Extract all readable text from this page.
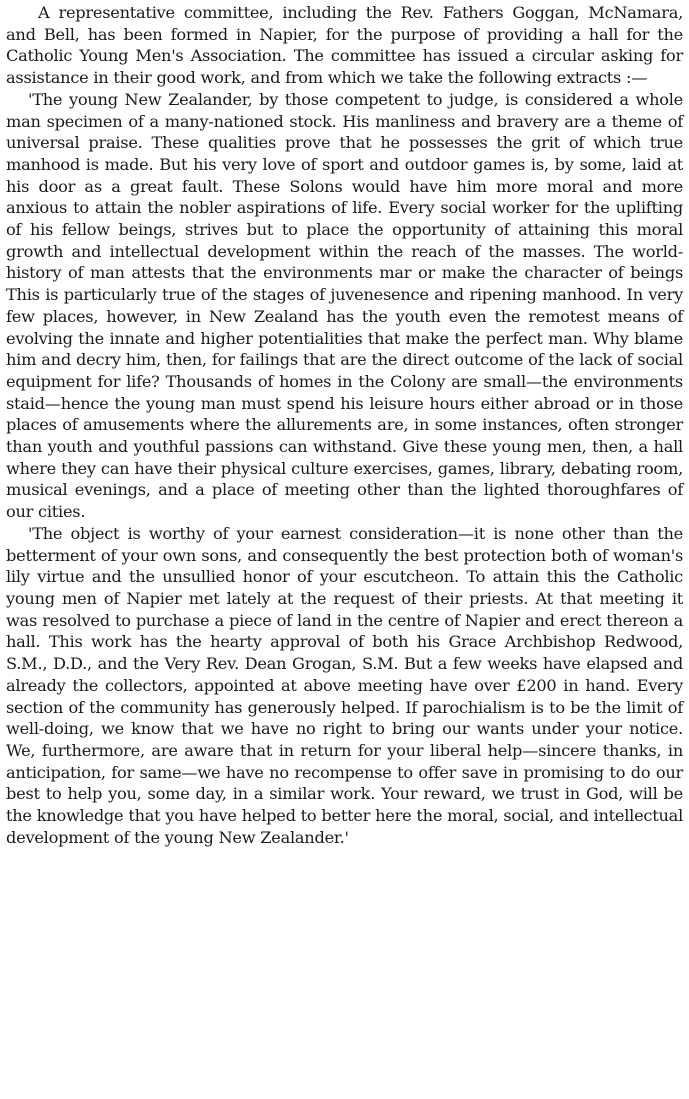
A representative committee, including the Rev. Fathers Goggan, McNamara, and Bell, has been formed in Napier, for the purpose of providing a hall for the Catholic Young Men's Association. The committee has issued a circular asking for assistance in their good work, and from which we take the following extracts :—

'The young New Zealander, by those competent to judge, is considered a whole man specimen of a many-nationed stock. His manliness and bravery are a theme of universal praise. These qualities prove that he possesses the grit of which true manhood is made. But his very love of sport and outdoor games is, by some, laid at his door as a great fault. These Solons would have him more moral and more anxious to attain the nobler aspirations of life. Every social worker for the uplifting of his fellow beings, strives but to place the opportunity of attaining this moral growth and intellectual development within the reach of the masses. The world-history of man attests that the environments mar or make the character of beings This is particularly true of the stages of juvenesence and ripening manhood. In very few places, however, in New Zealand has the youth even the remotest means of evolving the innate and higher potentialities that make the perfect man. Why blame him and decry him, then, for failings that are the direct outcome of the lack of social equipment for life? Thousands of homes in the Colony are small—the environments staid—hence the young man must spend his leisure hours either abroad or in those places of amusements where the allurements are, in some instances, often stronger than youth and youthful passions can withstand. Give these young men, then, a hall where they can have their physical culture exercises, games, library, debating room, musical evenings, and a place of meeting other than the lighted thoroughfares of our cities.

'The object is worthy of your earnest consideration—it is none other than the betterment of your own sons, and consequently the best protection both of woman's lily virtue and the unsullied honor of your escutcheon. To attain this the Catholic young men of Napier met lately at the request of their priests. At that meeting it was resolved to purchase a piece of land in the centre of Napier and erect thereon a hall. This work has the hearty approval of both his Grace Archbishop Redwood, S.M., D.D., and the Very Rev. Dean Grogan, S.M. But a few weeks have elapsed and already the collectors, appointed at above meeting have over £200 in hand. Every section of the community has generously helped. If parochialism is to be the limit of well-doing, we know that we have no right to bring our wants under your notice. We, furthermore, are aware that in return for your liberal help—sincere thanks, in anticipation, for same—we have no recompense to offer save in promising to do our best to help you, some day, in a similar work. Your reward, we trust in God, will be the knowledge that you have helped to better here the moral, social, and intellectual development of the young New Zealander.'
